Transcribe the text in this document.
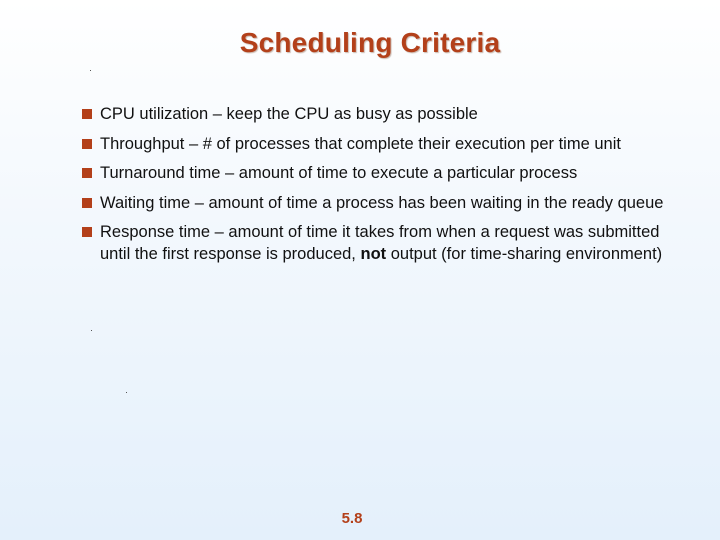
Scheduling Criteria
CPU utilization – keep the CPU as busy as possible
Throughput – # of processes that complete their execution per time unit
Turnaround time – amount of time to execute a particular process
Waiting time – amount of time a process has been waiting in the ready queue
Response time – amount of time it takes from when a request was submitted until the first response is produced, not output (for time-sharing environment)
5.8
